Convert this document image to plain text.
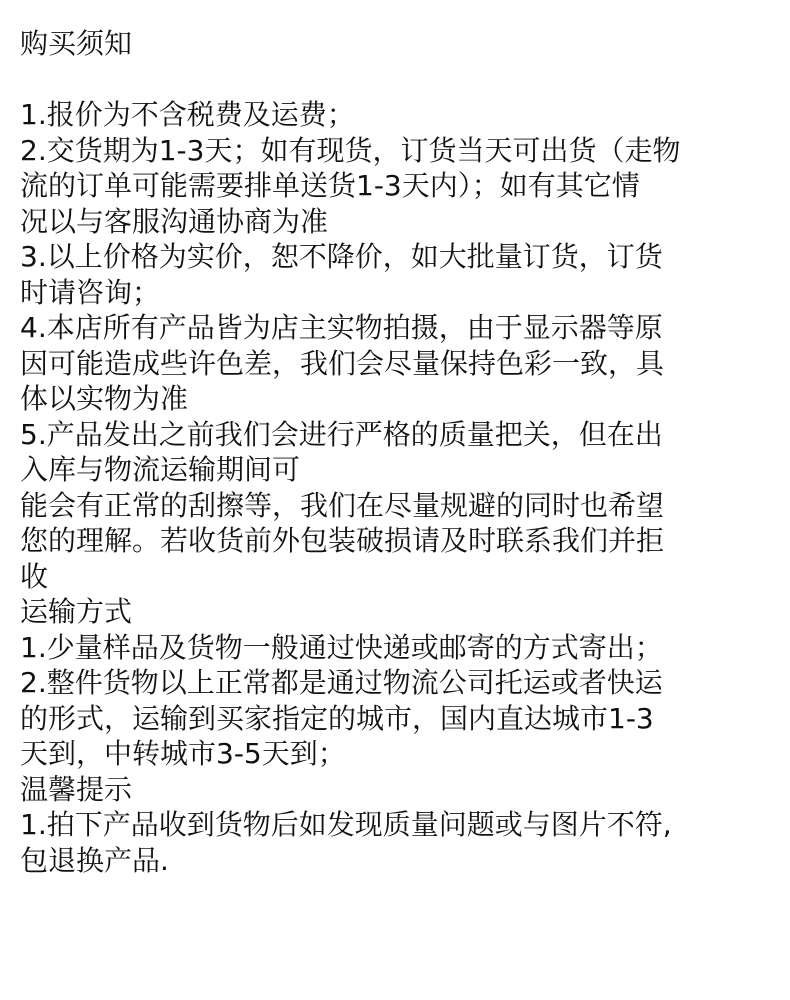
购买须知
1.报价为不含税费及运费；
2.交货期为1-3天；如有现货，订货当天可出货（走物
流的订单可能需要排单送货1-3天内）；如有其它情
况以与客服沟通协商为准
3.以上价格为实价，恕不降价，如大批量订货，订货
时请咨询；
4.本店所有产品皆为店主实物拍摄，由于显示器等原
因可能造成些许色差，我们会尽量保持色彩一致，具
体以实物为准
5.产品发出之前我们会进行严格的质量把关，但在出
入库与物流运输期间可
能会有正常的刮擦等，我们在尽量规避的同时也希望
您的理解。若收货前外包装破损请及时联系我们并拒
收
运输方式
1.少量样品及货物一般通过快递或邮寄的方式寄出；
2.整件货物以上正常都是通过物流公司托运或者快运
的形式，运输到买家指定的城市，国内直达城市1-3
天到，中转城市3-5天到；
温馨提示
1.拍下产品收到货物后如发现质量问题或与图片不符,
包退换产品.
